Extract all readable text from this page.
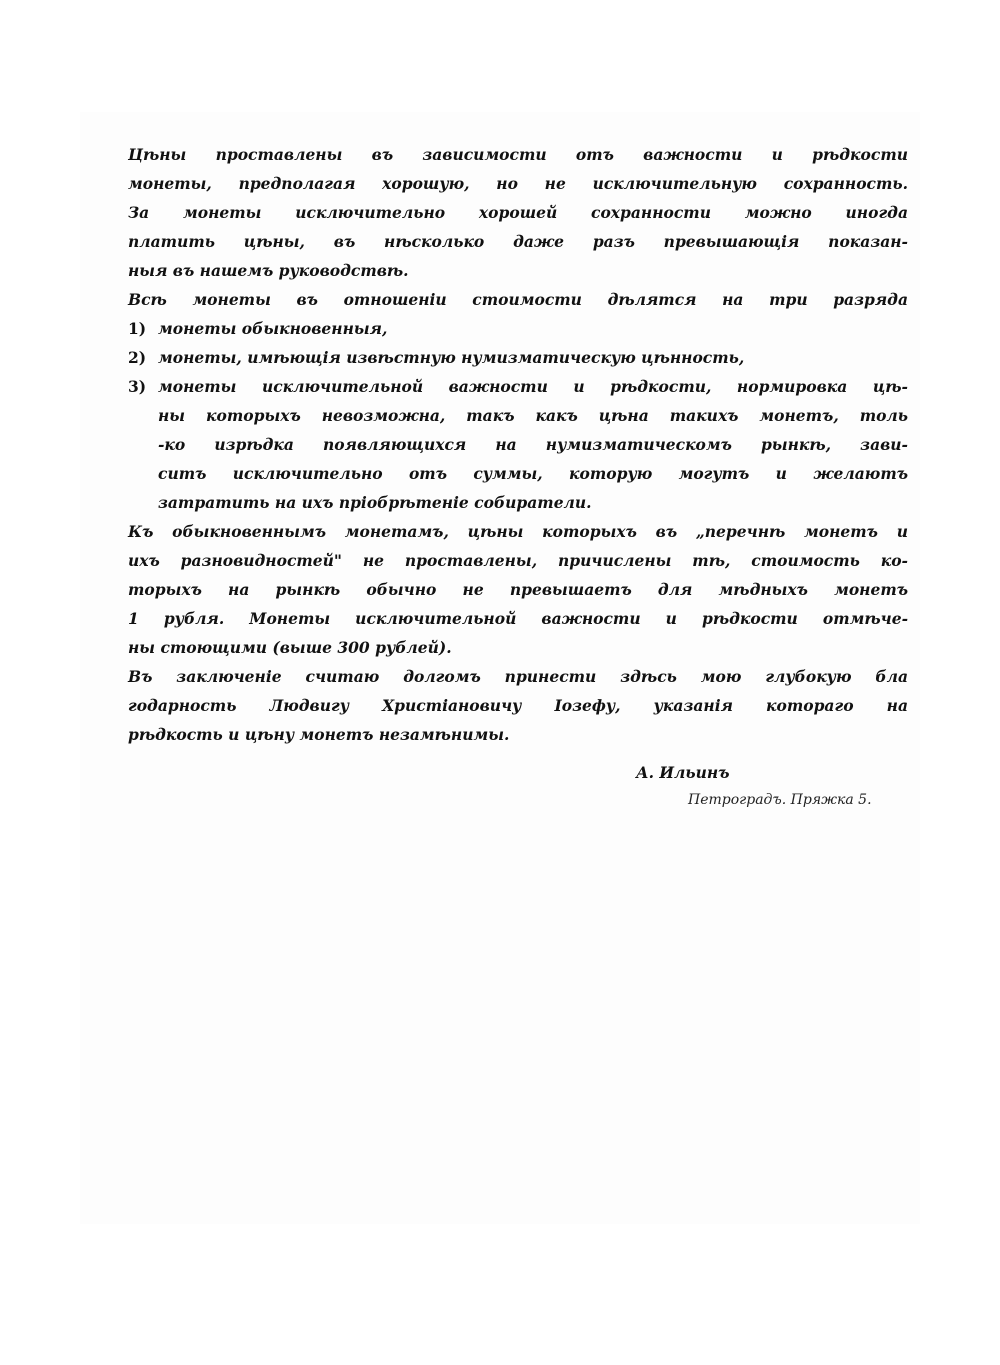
Цѣны проставлены въ зависимости отъ важности и рѣдкости
монеты, предполагая хорошую, но не исключительную сохранность.
За монеты исключительно хорошей сохранности можно иногда
платить цѣны, въ нѣсколько даже разъ превышающія показан-
ныя въ нашемъ руководствѣ.
Всѣ монеты въ отношеніи стоимости дѣлятся на три разряда
1) монеты обыкновенныя,
2) монеты, имѣющія извѣстную нумизматическую цѣнность,
3) монеты исключительной важности и рѣдкости, нормировка цѣ-
ны которыхъ невозможна, такъ какъ цѣна такихъ монетъ, толь
-ко изрѣдка появляющихся на нумизматическомъ рынкѣ, зави-
ситъ исключительно отъ суммы, которую могутъ и желаютъ
затратить на ихъ пріобрѣтеніе собиратели.
Къ обыкновеннымъ монетамъ, цѣны которыхъ въ „перечнѣ монетъ и
ихъ разновидностей" не проставлены, причислены тѣ, стоимость ко-
торыхъ на рынкѣ обычно не превышаетъ для мѣдныхъ монетъ
1 рубля. Монеты исключительной важности и рѣдкости отмѣче-
ны стоющими (выше 300 рублей).
Въ заключеніе считаю долгомъ принести здѣсь мою глубокую бла
годарность Людвигу Христіановичу Іозефу, указанія котораго на
рѣдкость и цѣну монетъ незамѣнимы.
А. Ильинъ
Петроградъ. Пряжка 5.
